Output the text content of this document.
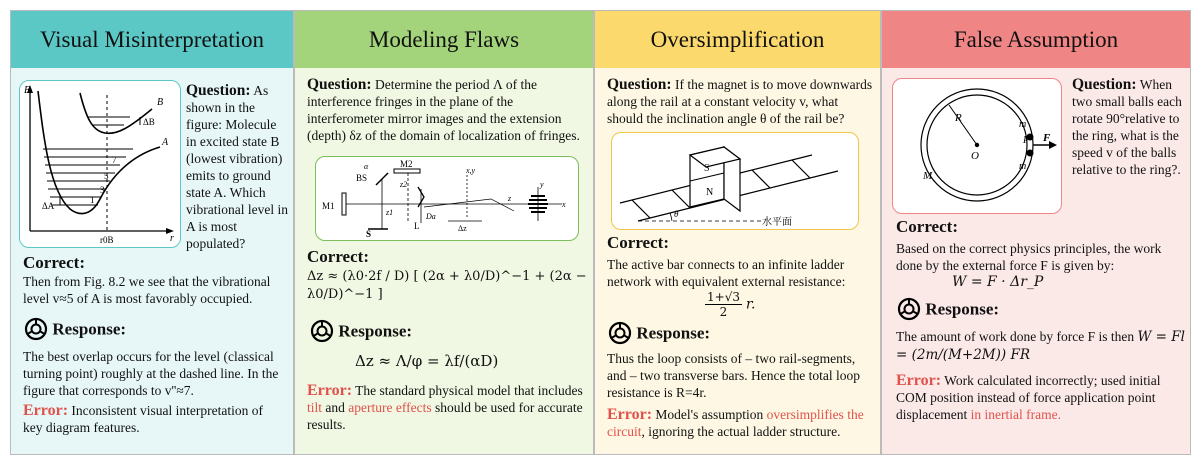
Visual Misinterpretation
E
B
A
ΔB
ΔA
7
5
3
1
r
r0B
Question: As shown in the figure: Molecule in excited state B (lowest vibration) emits to ground state A. Which vibrational level in A is most populated?
Correct:
Then from Fig. 8.2 we see that the vibrational level v≈5 of A is most favorably occupied.
Response:
The best overlap occurs for the level (classical turning point) roughly at the dashed line. In the figure that corresponds to v''≈7.
Error: Inconsistent visual interpretation of key diagram features.
Modeling Flaws
Question: Determine the period Λ of the interference fringes in the plane of the interferometer mirror images and the extension (depth) δz of the domain of localization of fringes.
M1
M2
BS
S
L
z1
z2
Da
Δz
x,y
z
x
y
α
Correct:
Δz ≈ (λ0·2f / D) [ (2α + λ0/D)^−1 + (2α − λ0/D)^−1 ]
Response:
Δz ≈ Λ/φ = λf/(αD)
Error: The standard physical model that includes tilt and aperture effects should be used for accurate results.
Oversimplification
Question: If the magnet is to move downwards along the rail at a constant velocity v, what should the inclination angle θ of the rail be?
S
N
θ
水平面
Correct:
The active bar connects to an infinite ladder network with equivalent external resistance:
$\frac{1+√3}{2} r$.
Response:
Thus the loop consists of – two rail-segments, and – two transverse bars. Hence the total loop resistance is R=4r.
Error: Model's assumption oversimplifies the circuit, ignoring the actual ladder structure.
False Assumption
R
O
M
m
m
P F
Question: When two small balls each rotate 90°relative to the ring, what is the speed v of the balls relative to the ring?.
Correct:
Based on the correct physics principles, the work done by the external force F is given by:
W = F · Δr_P
Response:
The amount of work done by force F is then W = Fl = (2m/(M+2M)) FR
Error: Work calculated incorrectly; used initial COM position instead of force application point displacement in inertial frame.
